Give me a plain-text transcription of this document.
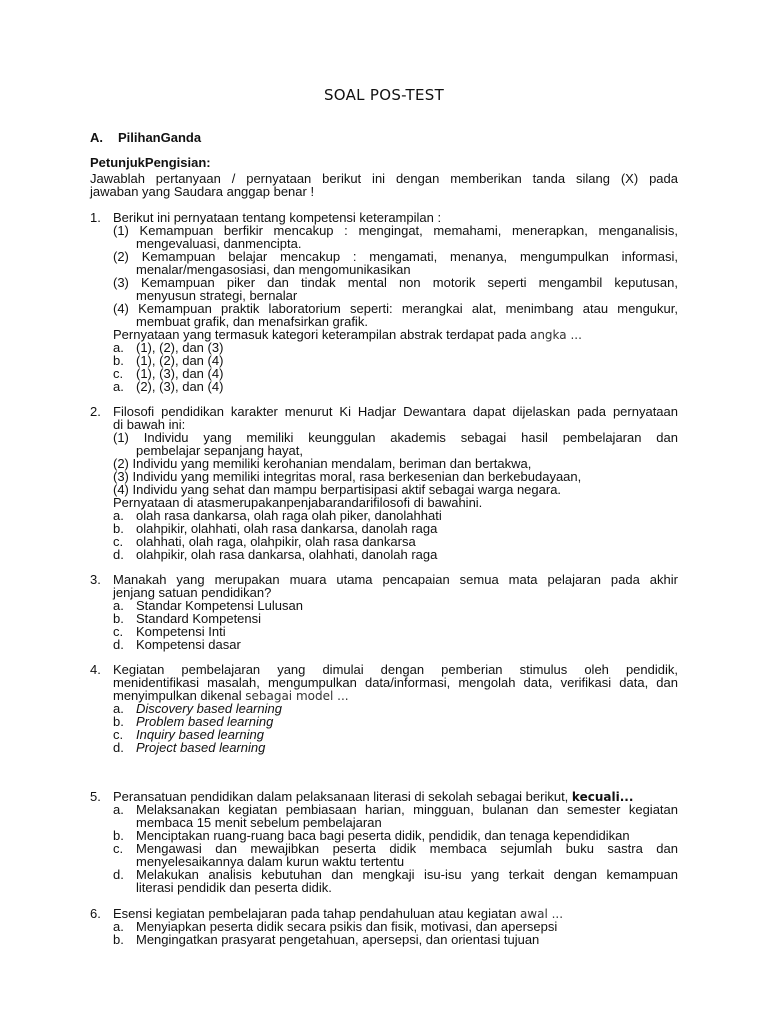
SOAL POS-TEST
A. PilihanGanda
PetunjukPengisian:
Jawablah pertanyaan / pernyataan berikut ini dengan memberikan tanda silang (X) pada
jawaban yang Saudara anggap benar !
1. Berikut ini pernyataan tentang kompetensi keterampilan :
(1) Kemampuan berfikir mencakup : mengingat, memahami, menerapkan, menganalisis,
mengevaluasi, danmencipta.
(2) Kemampuan belajar mencakup : mengamati, menanya, mengumpulkan informasi,
menalar/mengasosiasi, dan mengomunikasikan
(3) Kemampuan piker dan tindak mental non motorik seperti mengambil keputusan,
menyusun strategi, bernalar
(4) Kemampuan praktik laboratorium seperti: merangkai alat, menimbang atau mengukur,
membuat grafik, dan menafsirkan grafik.
Pernyataan yang termasuk kategori keterampilan abstrak terdapat pada angka ...
a. (1), (2), dan (3)
b. (1), (2), dan (4)
c. (1), (3), dan (4)
a. (2), (3), dan (4)
2. Filosofi pendidikan karakter menurut Ki Hadjar Dewantara dapat dijelaskan pada pernyataan
di bawah ini:
(1) Individu yang memiliki keunggulan akademis sebagai hasil pembelajaran dan
pembelajar sepanjang hayat,
(2) Individu yang memiliki kerohanian mendalam, beriman dan bertakwa,
(3) Individu yang memiliki integritas moral, rasa berkesenian dan berkebudayaan,
(4) Individu yang sehat dan mampu berpartisipasi aktif sebagai warga negara.
Pernyataan di atasmerupakanpenjabarandarifilosofi di bawahini.
a. olah rasa dankarsa, olah raga olah piker, danolahhati
b. olahpikir, olahhati, olah rasa dankarsa, danolah raga
c. olahhati, olah raga, olahpikir, olah rasa dankarsa
d. olahpikir, olah rasa dankarsa, olahhati, danolah raga
3. Manakah yang merupakan muara utama pencapaian semua mata pelajaran pada akhir
jenjang satuan pendidikan?
a. Standar Kompetensi Lulusan
b. Standard Kompetensi
c. Kompetensi Inti
d. Kompetensi dasar
4. Kegiatan pembelajaran yang dimulai dengan pemberian stimulus oleh pendidik,
menidentifikasi masalah, mengumpulkan data/informasi, mengolah data, verifikasi data, dan
menyimpulkan dikenal sebagai model ...
a. Discovery based learning
b. Problem based learning
c. Inquiry based learning
d. Project based learning
5. Peransatuan pendidikan dalam pelaksanaan literasi di sekolah sebagai berikut, kecuali...
a. Melaksanakan kegiatan pembiasaan harian, mingguan, bulanan dan semester kegiatan
membaca 15 menit sebelum pembelajaran
b. Menciptakan ruang-ruang baca bagi peserta didik, pendidik, dan tenaga kependidikan
c. Mengawasi dan mewajibkan peserta didik membaca sejumlah buku sastra dan
menyelesaikannya dalam kurun waktu tertentu
d. Melakukan analisis kebutuhan dan mengkaji isu-isu yang terkait dengan kemampuan
literasi pendidik dan peserta didik.
6. Esensi kegiatan pembelajaran pada tahap pendahuluan atau kegiatan awal ...
a. Menyiapkan peserta didik secara psikis dan fisik, motivasi, dan apersepsi
b. Mengingatkan prasyarat pengetahuan, apersepsi, dan orientasi tujuan
